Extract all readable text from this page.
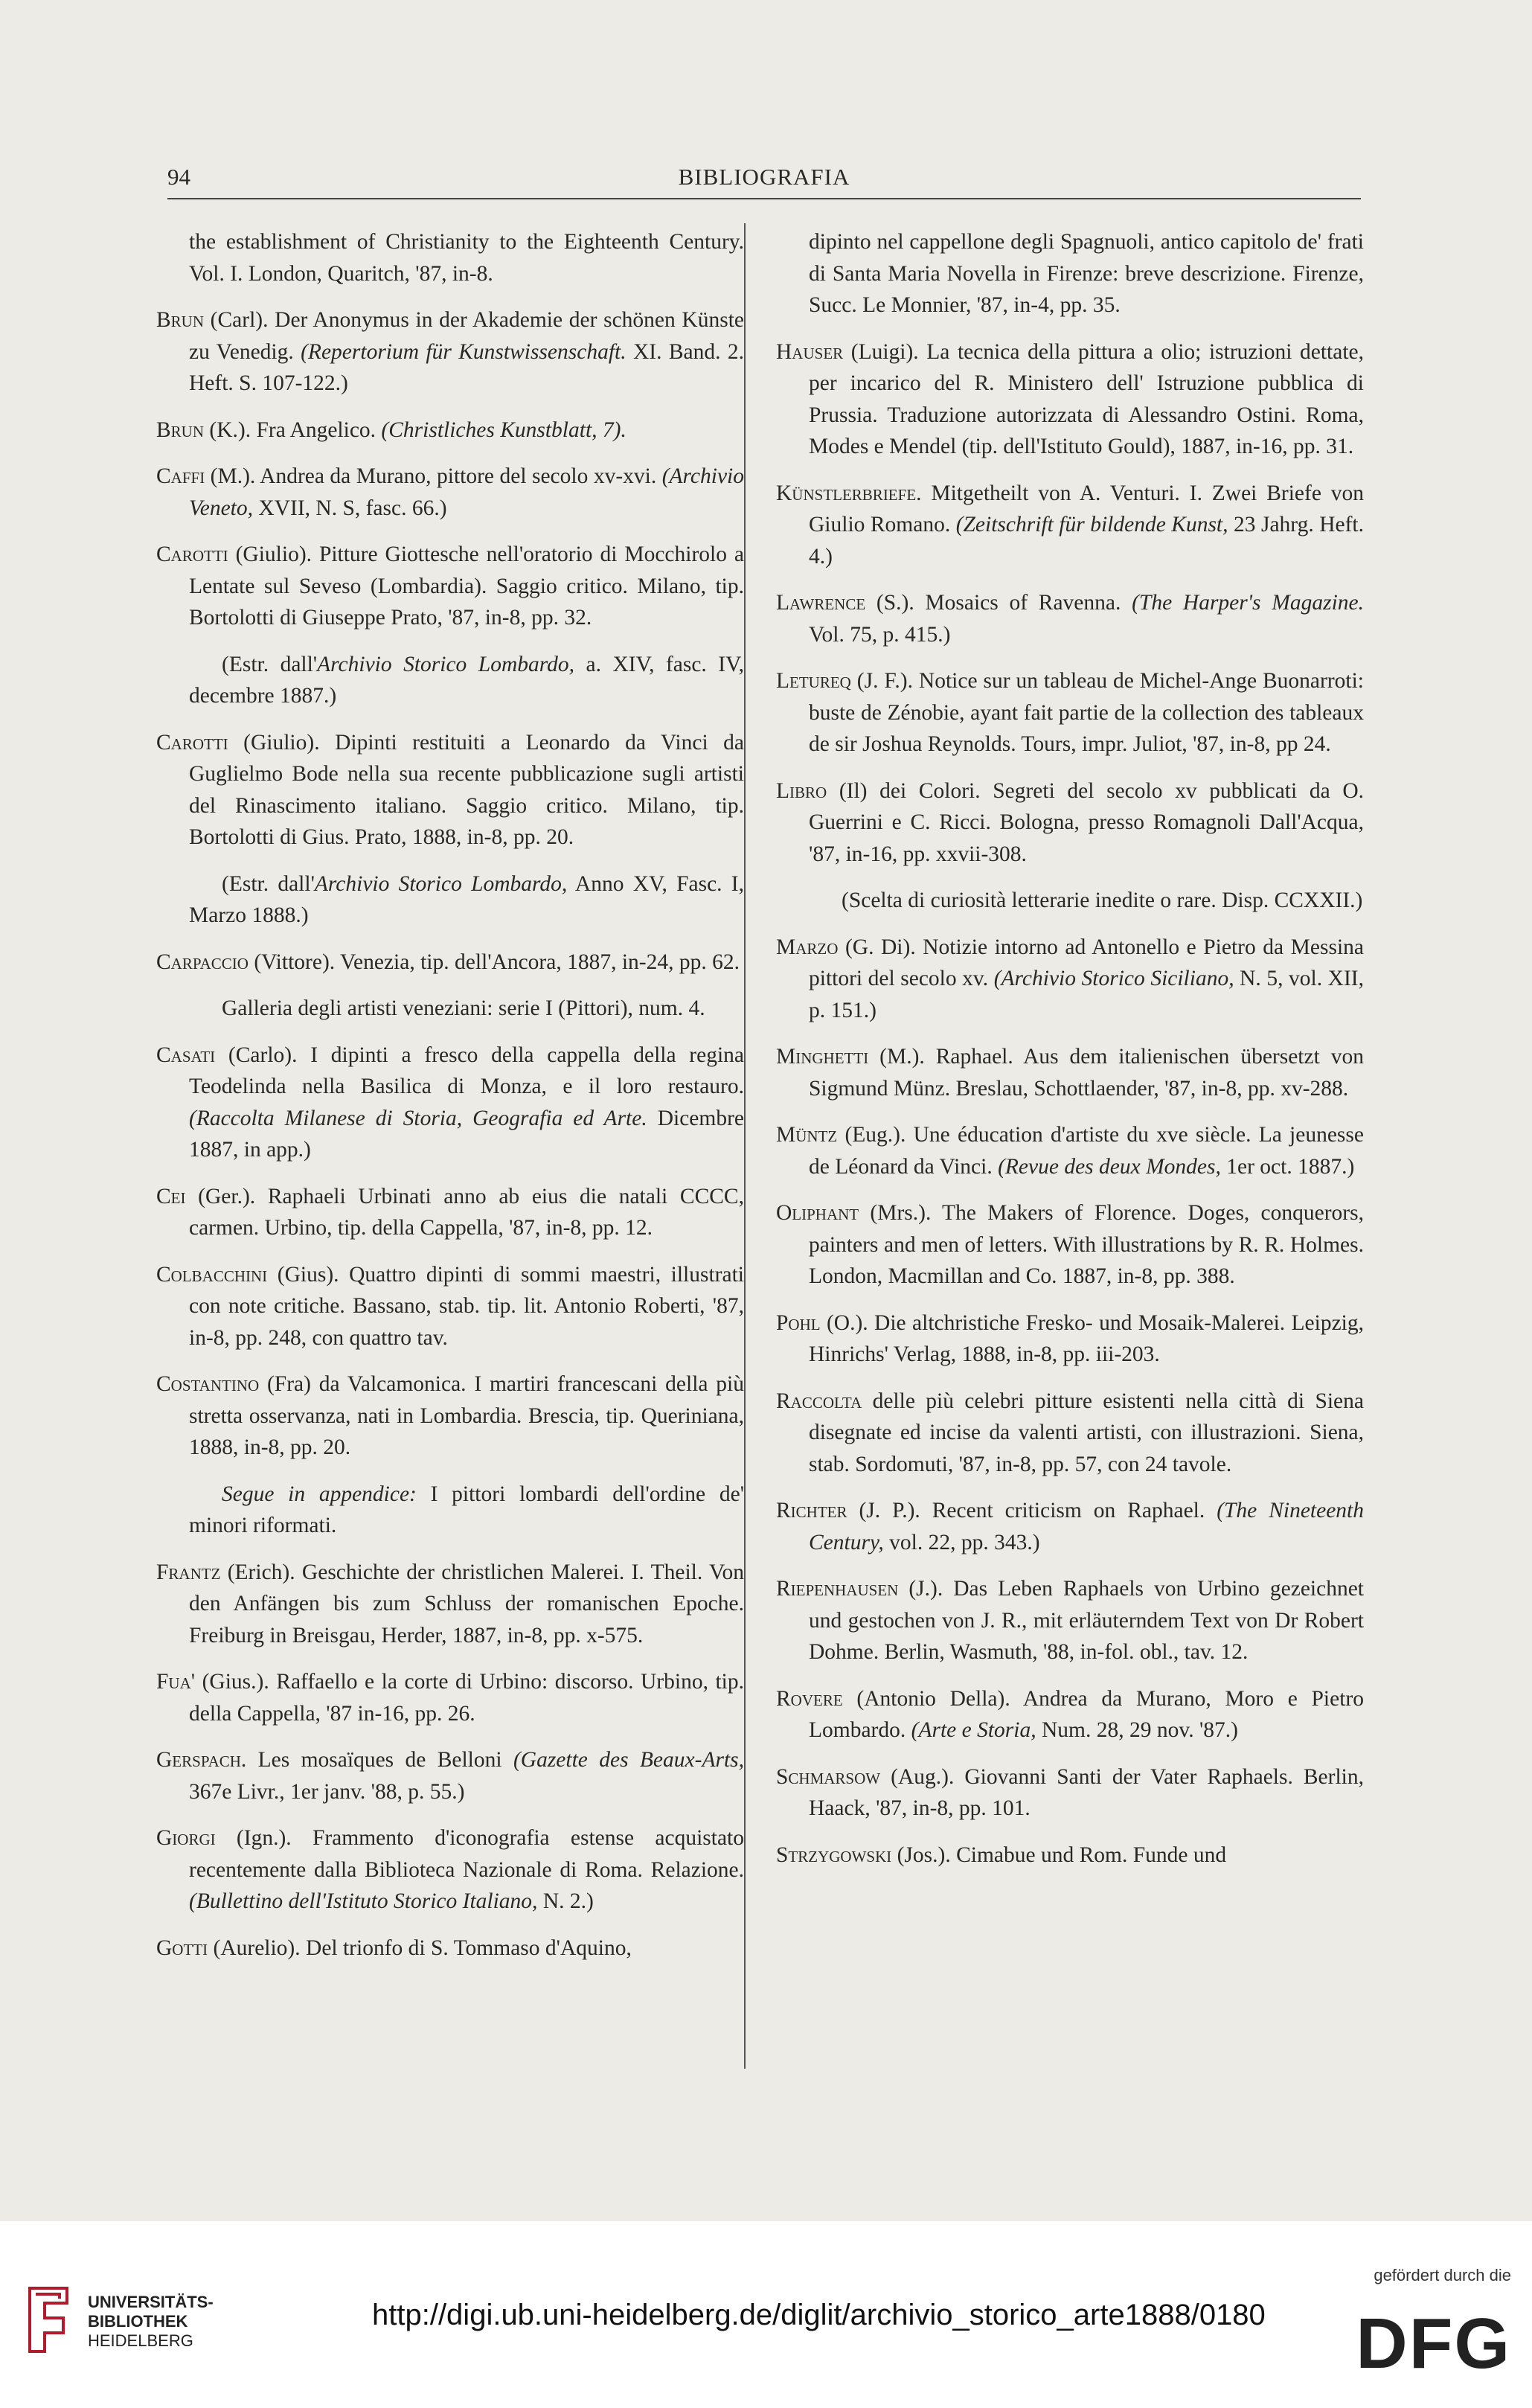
94	BIBLIOGRAFIA

the establishment of Christianity to the Eighteenth Century. Vol. I. London, Quaritch, '87, in-8.

Brun (Carl). Der Anonymus in der Akademie der schönen Künste zu Venedig. (Repertorium für Kunstwissenschaft. XI. Band. 2. Heft. S. 107-122.)

Brun (K.). Fra Angelico. (Christliches Kunstblatt, 7).

Caffi (M.). Andrea da Murano, pittore del secolo xv-xvi. (Archivio Veneto, XVII, N. S, fasc. 66.)

Carotti (Giulio). Pitture Giottesche nell'oratorio di Mocchirolo a Lentate sul Seveso (Lombardia). Saggio critico. Milano, tip. Bortolotti di Giuseppe Prato, '87, in-8, pp. 32.

(Estr. dall'Archivio Storico Lombardo, a. XIV, fasc. IV, decembre 1887.)

Carotti (Giulio). Dipinti restituiti a Leonardo da Vinci da Guglielmo Bode nella sua recente pubblicazione sugli artisti del Rinascimento italiano. Saggio critico. Milano, tip. Bortolotti di Gius. Prato, 1888, in-8, pp. 20.

(Estr. dall'Archivio Storico Lombardo, Anno XV, Fasc. I, Marzo 1888.)

Carpaccio (Vittore). Venezia, tip. dell'Ancora, 1887, in-24, pp. 62.

Galleria degli artisti veneziani: serie I (Pittori), num. 4.

Casati (Carlo). I dipinti a fresco della cappella della regina Teodelinda nella Basilica di Monza, e il loro restauro. (Raccolta Milanese di Storia, Geografia ed Arte. Dicembre 1887, in app.)

Cei (Ger.). Raphaeli Urbinati anno ab eius die natali CCCC, carmen. Urbino, tip. della Cappella, '87, in-8, pp. 12.

Colbacchini (Gius). Quattro dipinti di sommi maestri, illustrati con note critiche. Bassano, stab. tip. lit. Antonio Roberti, '87, in-8, pp. 248, con quattro tav.

Costantino (Fra) da Valcamonica. I martiri francescani della più stretta osservanza, nati in Lombardia. Brescia, tip. Queriniana, 1888, in-8, pp. 20.

Segue in appendice: I pittori lombardi dell'ordine de' minori riformati.

Frantz (Erich). Geschichte der christlichen Malerei. I. Theil. Von den Anfängen bis zum Schluss der romanischen Epoche. Freiburg in Breisgau, Herder, 1887, in-8, pp. x-575.

Fua' (Gius.). Raffaello e la corte di Urbino: discorso. Urbino, tip. della Cappella, '87 in-16, pp. 26.

Gerspach. Les mosaïques de Belloni (Gazette des Beaux-Arts, 367e Livr., 1er janv. '88, p. 55.)

Giorgi (Ign.). Frammento d'iconografia estense acquistato recentemente dalla Biblioteca Nazionale di Roma. Relazione. (Bullettino dell'Istituto Storico Italiano, N. 2.)

Gotti (Aurelio). Del trionfo di S. Tommaso d'Aquino,

dipinto nel cappellone degli Spagnuoli, antico capitolo de' frati di Santa Maria Novella in Firenze: breve descrizione. Firenze, Succ. Le Monnier, '87, in-4, pp. 35.

Hauser (Luigi). La tecnica della pittura a olio; istruzioni dettate, per incarico del R. Ministero dell' Istruzione pubblica di Prussia. Traduzione autorizzata di Alessandro Ostini. Roma, Modes e Mendel (tip. dell'Istituto Gould), 1887, in-16, pp. 31.

Künstlerbriefe. Mitgetheilt von A. Venturi. I. Zwei Briefe von Giulio Romano. (Zeitschrift für bildende Kunst, 23 Jahrg. Heft. 4.)

Lawrence (S.). Mosaics of Ravenna. (The Harper's Magazine. Vol. 75, p. 415.)

Letureq (J. F.). Notice sur un tableau de Michel-Ange Buonarroti: buste de Zénobie, ayant fait partie de la collection des tableaux de sir Joshua Reynolds. Tours, impr. Juliot, '87, in-8, pp 24.

Libro (Il) dei Colori. Segreti del secolo xv pubblicati da O. Guerrini e C. Ricci. Bologna, presso Romagnoli Dall'Acqua, '87, in-16, pp. xxvii-308.

(Scelta di curiosità letterarie inedite o rare. Disp. CCXXII.)

Marzo (G. Di). Notizie intorno ad Antonello e Pietro da Messina pittori del secolo xv. (Archivio Storico Siciliano, N. 5, vol. XII, p. 151.)

Minghetti (M.). Raphael. Aus dem italienischen übersetzt von Sigmund Münz. Breslau, Schottlaender, '87, in-8, pp. xv-288.

Müntz (Eug.). Une éducation d'artiste du xve siècle. La jeunesse de Léonard da Vinci. (Revue des deux Mondes, 1er oct. 1887.)

Oliphant (Mrs.). The Makers of Florence. Doges, conquerors, painters and men of letters. With illustrations by R. R. Holmes. London, Macmillan and Co. 1887, in-8, pp. 388.

Pohl (O.). Die altchristiche Fresko- und Mosaik-Malerei. Leipzig, Hinrichs' Verlag, 1888, in-8, pp. iii-203.

Raccolta delle più celebri pitture esistenti nella città di Siena disegnate ed incise da valenti artisti, con illustrazioni. Siena, stab. Sordomuti, '87, in-8, pp. 57, con 24 tavole.

Richter (J. P.). Recent criticism on Raphael. (The Nineteenth Century, vol. 22, pp. 343.)

Riepenhausen (J.). Das Leben Raphaels von Urbino gezeichnet und gestochen von J. R., mit erläuterndem Text von Dr Robert Dohme. Berlin, Wasmuth, '88, in-fol. obl., tav. 12.

Rovere (Antonio Della). Andrea da Murano, Moro e Pietro Lombardo. (Arte e Storia, Num. 28, 29 nov. '87.)

Schmarsow (Aug.). Giovanni Santi der Vater Raphaels. Berlin, Haack, '87, in-8, pp. 101.

Strzygowski (Jos.). Cimabue und Rom. Funde und

UNIVERSITÄTS-
BIBLIOTHEK
HEIDELBERG
http://digi.ub.uni-heidelberg.de/diglit/archivio_storico_arte1888/0180
gefördert durch die
DFG
